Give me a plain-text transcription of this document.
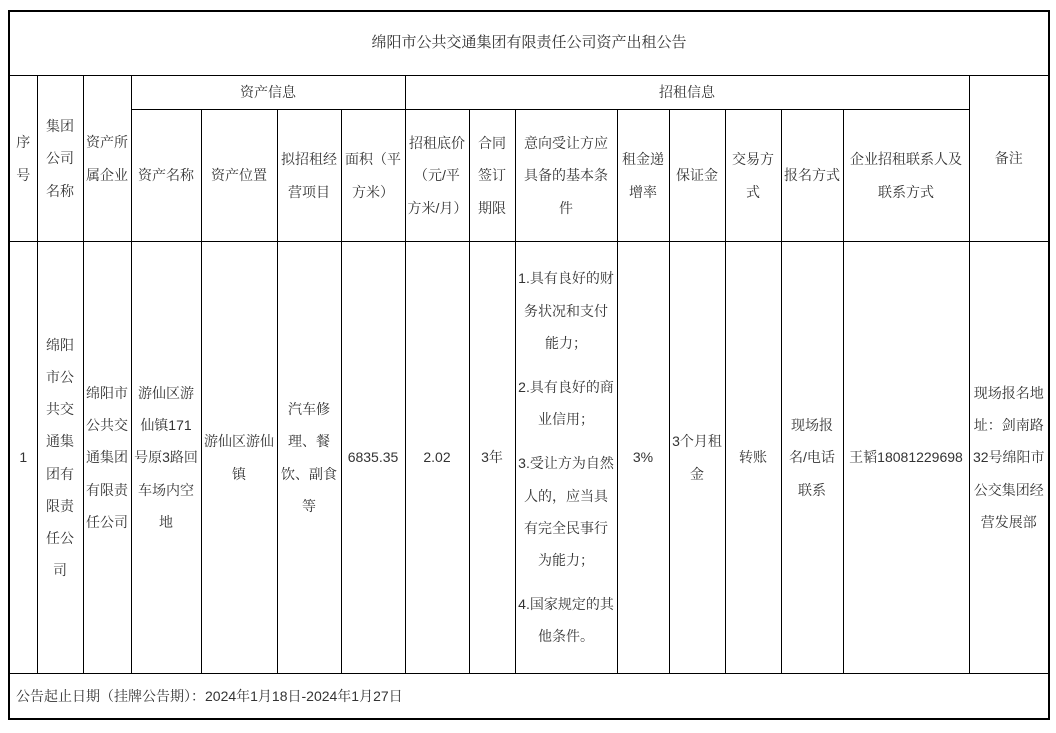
绵阳市公共交通集团有限责任公司资产出租公告															
序号	集团公司名称	资产所属企业	资产信息				招租信息								备注
			资产名称	资产位置	拟招租经营项目	面积（平方米）	招租底价（元/平方米/月）	合同签订期限	意向受让方应具备的基本条件	租金递增率	保证金	交易方式	报名方式	企业招租联系人及联系方式	
1	绵阳市公共交通集团有限责任公司	绵阳市公共交通集团有限责任公司	游仙区游仙镇171号原3路回车场内空地	游仙区游仙镇	汽车修理、餐饮、副食等	6835.35	2.02	3年	1.具有良好的财务状况和支付能力；
2.具有良好的商业信用；
3.受让方为自然人的，应当具有完全民事行为能力；
4.国家规定的其他条件。	3%	3个月租金	转账	现场报名/电话联系	王韬18081229698	现场报名地址：剑南路32号绵阳市公交集团经营发展部
公告起止日期（挂牌公告期）：2024年1月18日-2024年1月27日															
